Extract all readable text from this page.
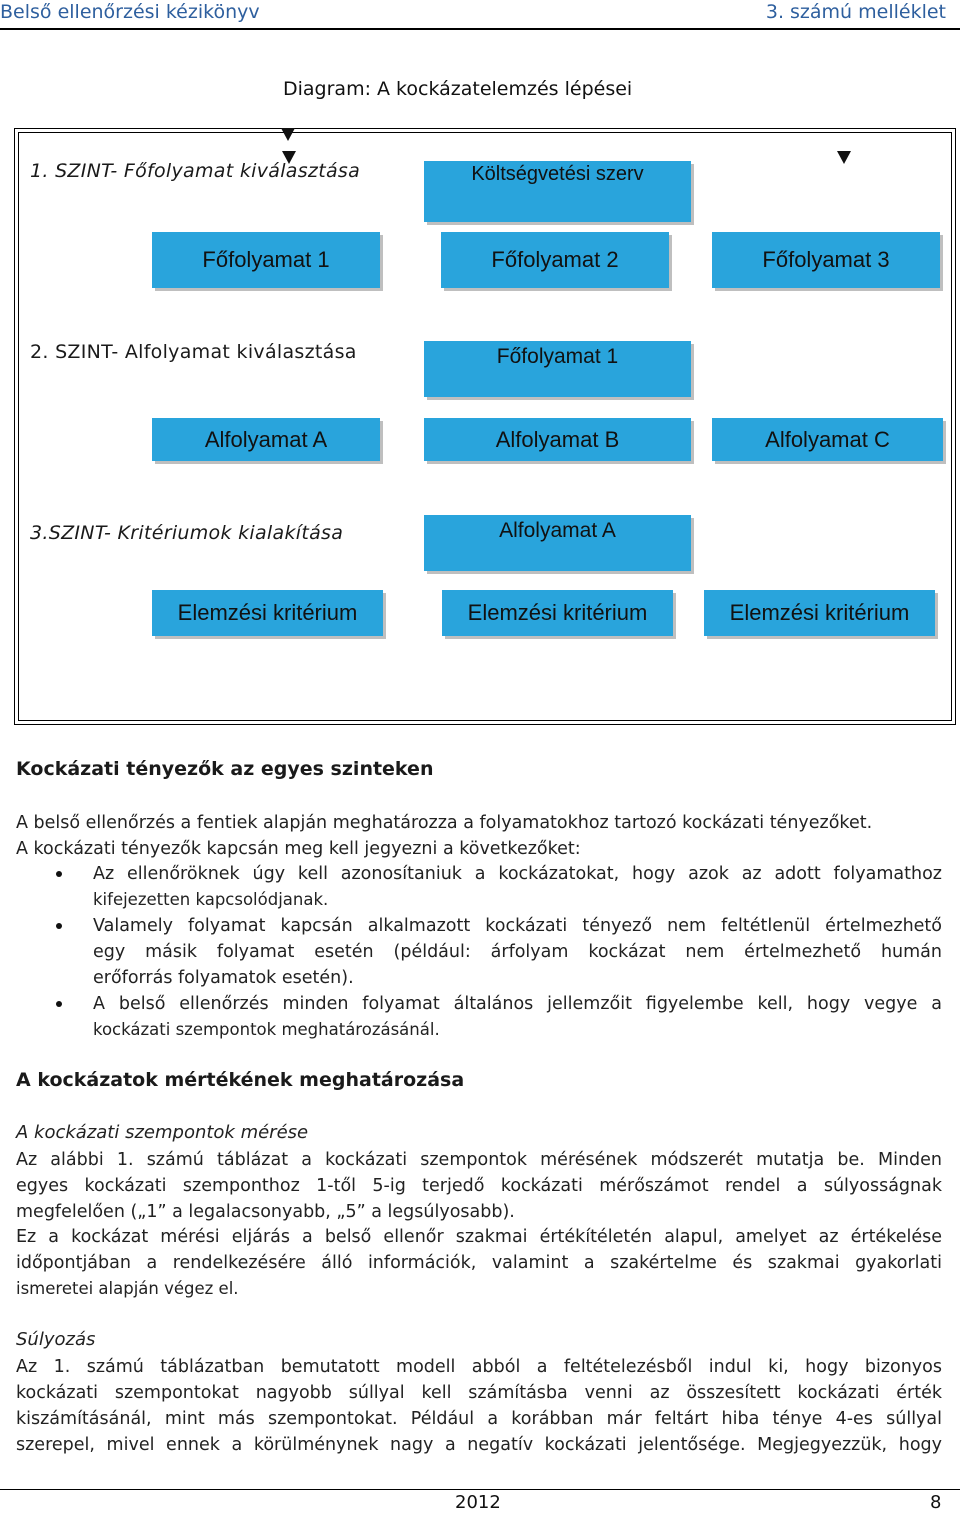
Belső ellenőrzési kézikönyv	3. számú melléklet
Diagram: A kockázatelemzés lépései
1. SZINT- Főfolyamat kiválasztása	Költségvetési szerv
Főfolyamat 1	Főfolyamat 2	Főfolyamat 3
2. SZINT- Alfolyamat kiválasztása	Főfolyamat 1
Alfolyamat A	Alfolyamat B	Alfolyamat C
3.SZINT- Kritériumok kialakítása	Alfolyamat A
Elemzési kritérium	Elemzési kritérium	Elemzési kritérium
Kockázati tényezők az egyes szinteken
A belső ellenőrzés a fentiek alapján meghatározza a folyamatokhoz tartozó kockázati tényezőket.
A kockázati tényezők kapcsán meg kell jegyezni a következőket:
Az ellenőröknek úgy kell azonosítaniuk a kockázatokat, hogy azok az adott folyamathoz
kifejezetten kapcsolódjanak.
Valamely folyamat kapcsán alkalmazott kockázati tényező nem feltétlenül értelmezhető
egy másik folyamat esetén (például: árfolyam kockázat nem értelmezhető humán
erőforrás folyamatok esetén).
A belső ellenőrzés minden folyamat általános jellemzőit figyelembe kell, hogy vegye a
kockázati szempontok meghatározásánál.
A kockázatok mértékének meghatározása
A kockázati szempontok mérése
Az alábbi 1. számú táblázat a kockázati szempontok mérésének módszerét mutatja be. Minden
egyes kockázati szemponthoz 1-től 5-ig terjedő kockázati mérőszámot rendel a súlyosságnak
megfelelően („1” a legalacsonyabb, „5” a legsúlyosabb).
Ez a kockázat mérési eljárás a belső ellenőr szakmai értékítéletén alapul, amelyet az értékelése
időpontjában a rendelkezésére álló információk, valamint a szakértelme és szakmai gyakorlati
ismeretei alapján végez el.
Súlyozás
Az 1. számú táblázatban bemutatott modell abból a feltételezésből indul ki, hogy bizonyos
kockázati szempontokat nagyobb súllyal kell számításba venni az összesített kockázati érték
kiszámításánál, mint más szempontokat. Például a korábban már feltárt hiba ténye 4-es súllyal
szerepel, mivel ennek a körülménynek nagy a negatív kockázati jelentősége. Megjegyezzük, hogy
2012	8
